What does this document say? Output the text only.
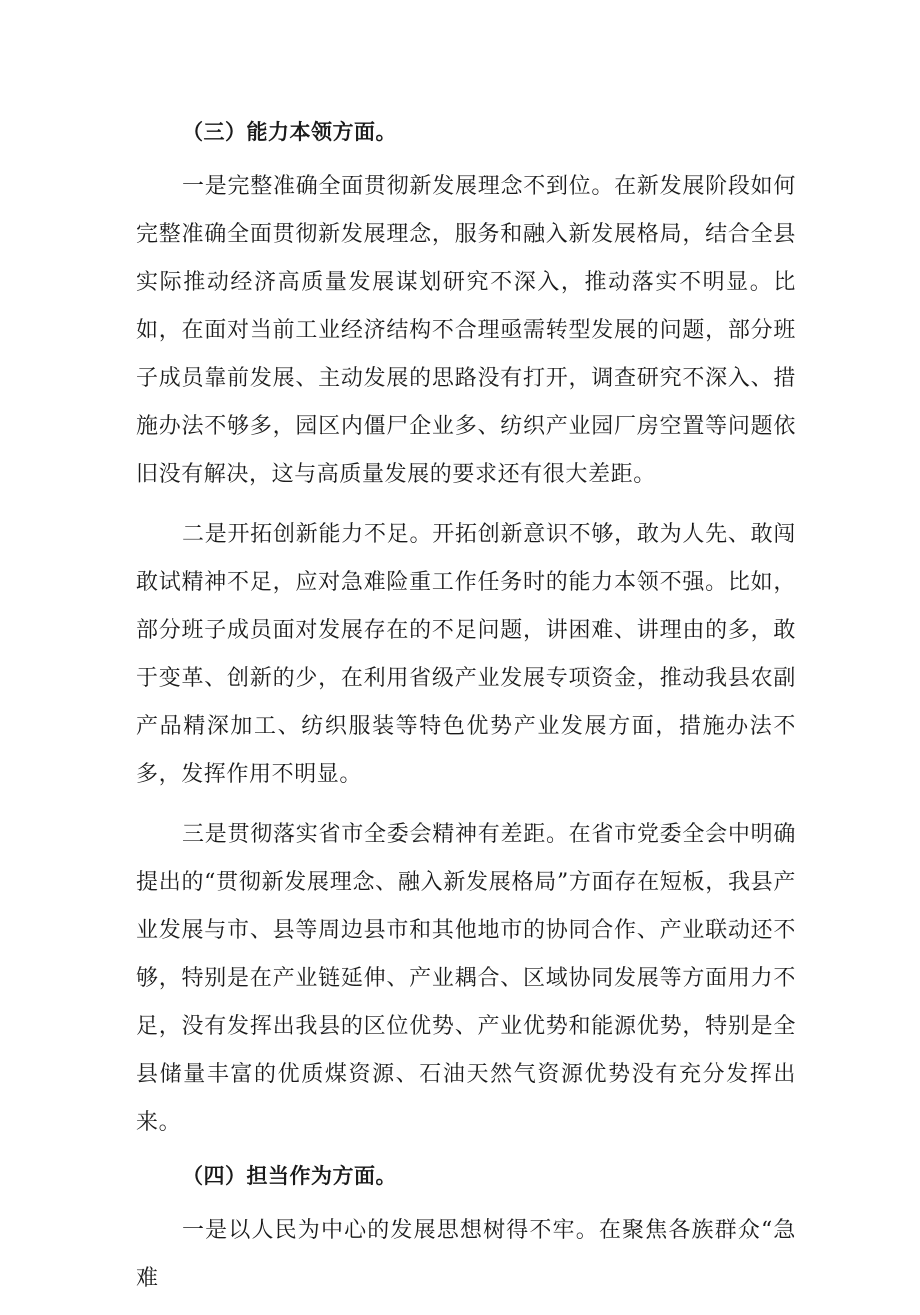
（三）能力本领方面。

一是完整准确全面贯彻新发展理念不到位。在新发展阶段如何完整准确全面贯彻新发展理念，服务和融入新发展格局，结合全县实际推动经济高质量发展谋划研究不深入，推动落实不明显。比如，在面对当前工业经济结构不合理亟需转型发展的问题，部分班子成员靠前发展、主动发展的思路没有打开，调查研究不深入、措施办法不够多，园区内僵尸企业多、纺织产业园厂房空置等问题依旧没有解决，这与高质量发展的要求还有很大差距。

二是开拓创新能力不足。开拓创新意识不够，敢为人先、敢闯敢试精神不足，应对急难险重工作任务时的能力本领不强。比如，部分班子成员面对发展存在的不足问题，讲困难、讲理由的多，敢于变革、创新的少，在利用省级产业发展专项资金，推动我县农副产品精深加工、纺织服装等特色优势产业发展方面，措施办法不多，发挥作用不明显。

三是贯彻落实省市全委会精神有差距。在省市党委全会中明确提出的“贯彻新发展理念、融入新发展格局”方面存在短板，我县产业发展与市、县等周边县市和其他地市的协同合作、产业联动还不够，特别是在产业链延伸、产业耦合、区域协同发展等方面用力不足，没有发挥出我县的区位优势、产业优势和能源优势，特别是全县储量丰富的优质煤资源、石油天然气资源优势没有充分发挥出来。

（四）担当作为方面。

一是以人民为中心的发展思想树得不牢。在聚焦各族群众“急难
